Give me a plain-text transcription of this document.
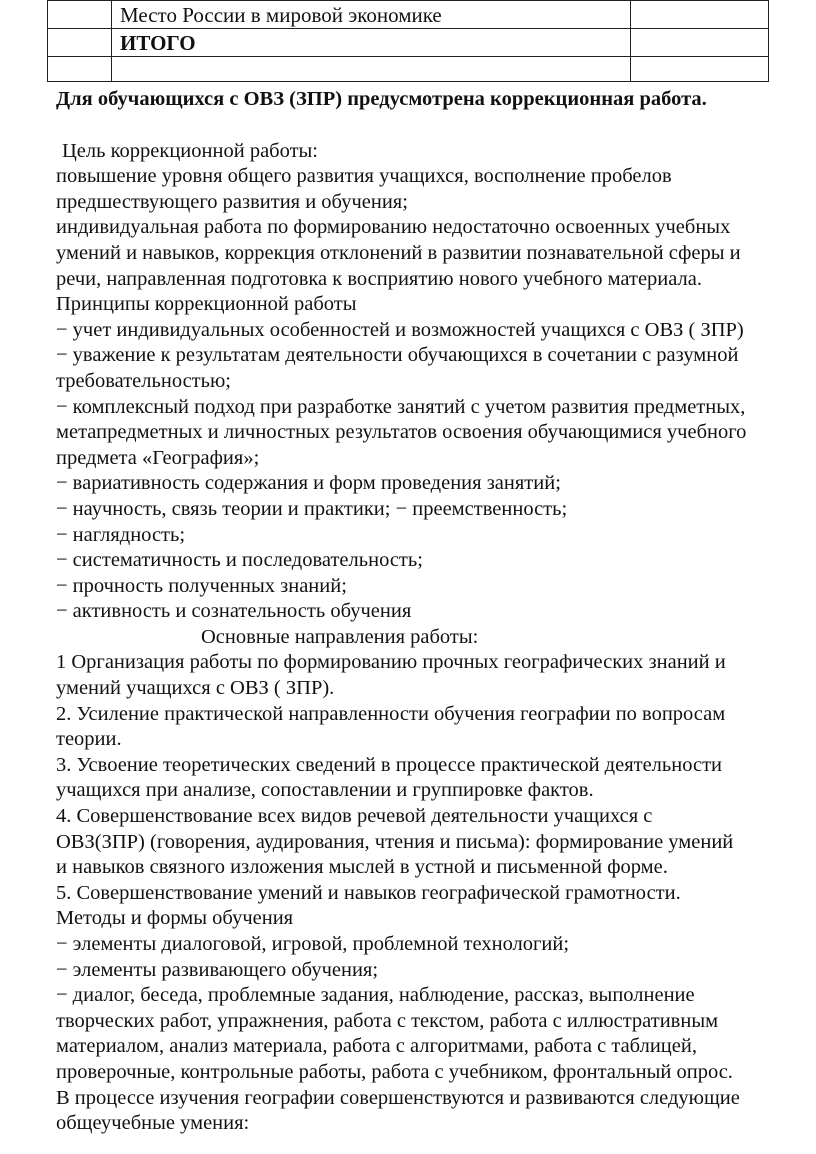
	Место России в мировой экономике	
	ИТОГО	

Для обучающихся с ОВЗ (ЗПР) предусмотрена коррекционная работа.

Цель коррекционной работы:

повышение уровня общего развития учащихся, восполнение пробелов

предшествующего развития и обучения;

индивидуальная работа по формированию недостаточно освоенных учебных

умений и навыков, коррекция отклонений в развитии познавательной сферы и

речи, направленная подготовка к восприятию нового учебного материала.

Принципы коррекционной работы

− учет индивидуальных особенностей и возможностей учащихся с ОВЗ ( ЗПР)

− уважение к результатам деятельности обучающихся в сочетании с разумной

требовательностью;

− комплексный подход при разработке занятий с учетом развития предметных,

метапредметных и личностных результатов освоения обучающимися учебного

предмета «География»;

− вариативность содержания и форм проведения занятий;

− научность, связь теории и практики; − преемственность;

− наглядность;

− систематичность и последовательность;

− прочность полученных знаний;

− активность и сознательность обучения

Основные направления работы:

1 Организация работы по формированию прочных географических знаний и

умений учащихся с ОВЗ ( ЗПР).

2. Усиление практической направленности обучения географии по вопросам

теории.

3. Усвоение теоретических сведений в процессе практической деятельности

учащихся при анализе, сопоставлении и группировке фактов.

4. Совершенствование всех видов речевой деятельности учащихся с

ОВЗ(ЗПР) (говорения, аудирования, чтения и письма): формирование умений

и навыков связного изложения мыслей в устной и письменной форме.

5. Совершенствование умений и навыков географической грамотности.

Методы и формы обучения

− элементы диалоговой, игровой, проблемной технологий;

− элементы развивающего обучения;

− диалог, беседа, проблемные задания, наблюдение, рассказ, выполнение

творческих работ, упражнения, работа с текстом, работа с иллюстративным

материалом, анализ материала, работа с алгоритмами, работа с таблицей,

проверочные, контрольные работы, работа с учебником, фронтальный опрос.

В процессе изучения географии совершенствуются и развиваются следующие

общеучебные умения:
